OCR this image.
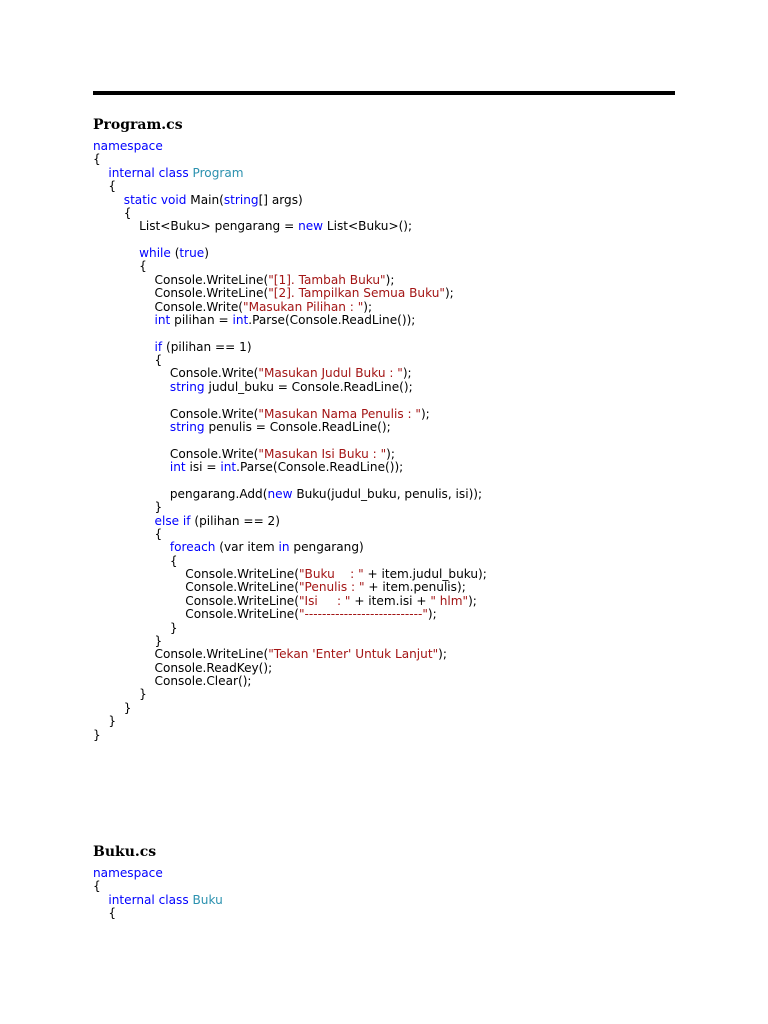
Program.cs
namespace
{
internal class Program
{
static void Main(string[] args)
{
List<Buku> pengarang = new List<Buku>();
while (true)
{
Console.WriteLine("[1]. Tambah Buku");
Console.WriteLine("[2]. Tampilkan Semua Buku");
Console.Write("Masukan Pilihan : ");
int pilihan = int.Parse(Console.ReadLine());
if (pilihan == 1)
{
Console.Write("Masukan Judul Buku : ");
string judul_buku = Console.ReadLine();
Console.Write("Masukan Nama Penulis : ");
string penulis = Console.ReadLine();
Console.Write("Masukan Isi Buku : ");
int isi = int.Parse(Console.ReadLine());
pengarang.Add(new Buku(judul_buku, penulis, isi));
}
else if (pilihan == 2)
{
foreach (var item in pengarang)
{
Console.WriteLine("Buku    : " + item.judul_buku);
Console.WriteLine("Penulis : " + item.penulis);
Console.WriteLine("Isi     : " + item.isi + " hlm");
Console.WriteLine("---------------------------");
}
}
Console.WriteLine("Tekan 'Enter' Untuk Lanjut");
Console.ReadKey();
Console.Clear();
}
}
}
}
Buku.cs
namespace
{
internal class Buku
{
